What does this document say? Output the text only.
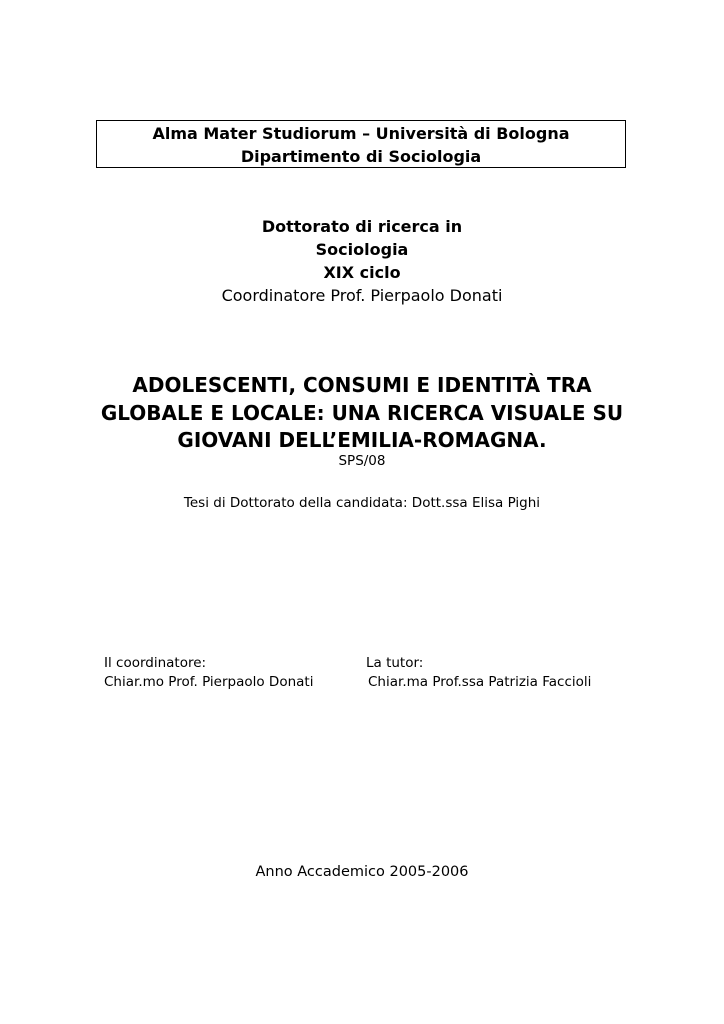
Alma Mater Studiorum – Università di Bologna
Dipartimento di Sociologia
Dottorato di ricerca in
Sociologia
XIX ciclo
Coordinatore Prof. Pierpaolo Donati
ADOLESCENTI, CONSUMI E IDENTITÀ TRA
GLOBALE E LOCALE: UNA RICERCA VISUALE SU
GIOVANI DELL’EMILIA-ROMAGNA.
SPS/08
Tesi di Dottorato della candidata: Dott.ssa Elisa Pighi
Il coordinatore:
Chiar.mo Prof. Pierpaolo Donati
La tutor:
Chiar.ma Prof.ssa Patrizia Faccioli
Anno Accademico 2005-2006
